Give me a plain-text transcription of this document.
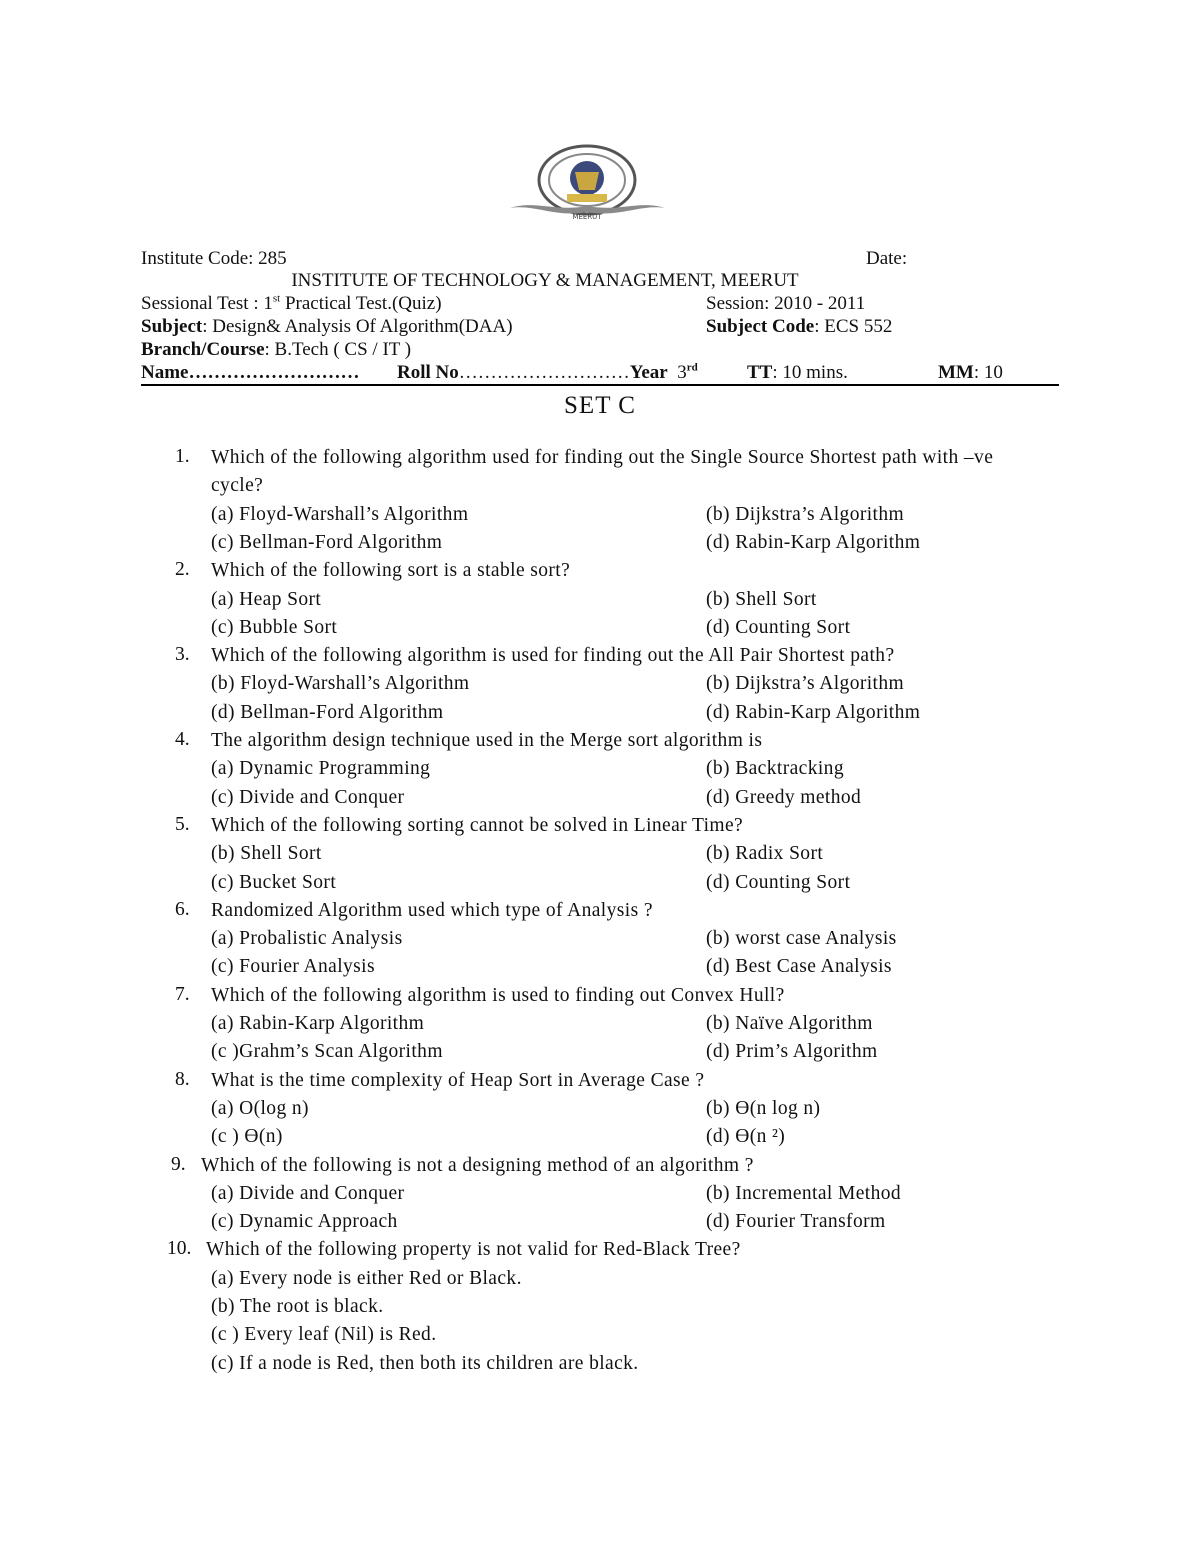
MEERUT
Institute Code: 285	Date:
INSTITUTE OF TECHNOLOGY & MANAGEMENT, MEERUT
Sessional Test : 1st Practical Test.(Quiz)	Session: 2010 - 2011
Subject: Design& Analysis Of Algorithm(DAA)	Subject Code: ECS 552
Branch/Course: B.Tech ( CS / IT )
Name……………………… Roll No………………………Year 3rd	TT: 10 mins.	MM: 10
SET C
1. Which of the following algorithm used for finding out the Single Source Shortest path with –ve
cycle?
(a) Floyd-Warshall’s Algorithm	(b) Dijkstra’s Algorithm
(c) Bellman-Ford Algorithm	(d) Rabin-Karp Algorithm
2. Which of the following sort is a stable sort?
(a) Heap Sort	(b) Shell Sort
(c) Bubble Sort	(d) Counting Sort
3. Which of the following algorithm is used for finding out the All Pair Shortest path?
(b) Floyd-Warshall’s Algorithm	(b) Dijkstra’s Algorithm
(d) Bellman-Ford Algorithm	(d) Rabin-Karp Algorithm
4. The algorithm design technique used in the Merge sort algorithm is
(a) Dynamic Programming	(b) Backtracking
(c) Divide and Conquer	(d) Greedy method
5. Which of the following sorting cannot be solved in Linear Time?
(b) Shell Sort	(b) Radix Sort
(c) Bucket Sort	(d) Counting Sort
6. Randomized Algorithm used which type of Analysis ?
(a) Probalistic Analysis	(b) worst case Analysis
(c) Fourier Analysis	(d) Best Case Analysis
7. Which of the following algorithm is used to finding out Convex Hull?
(a) Rabin-Karp Algorithm	(b) Naïve Algorithm
(c )Grahm’s Scan Algorithm	(d) Prim’s Algorithm
8. What is the time complexity of Heap Sort in Average Case ?
(a) O(log n)	(b) Ɵ(n log n)
(c ) Ɵ(n)	(d) Ɵ(n ²)
9. Which of the following is not a designing method of an algorithm ?
(a) Divide and Conquer	(b) Incremental Method
(c) Dynamic Approach	(d) Fourier Transform
10. Which of the following property is not valid for Red-Black Tree?
(a) Every node is either Red or Black.
(b) The root is black.
(c ) Every leaf (Nil) is Red.
(c) If a node is Red, then both its children are black.
